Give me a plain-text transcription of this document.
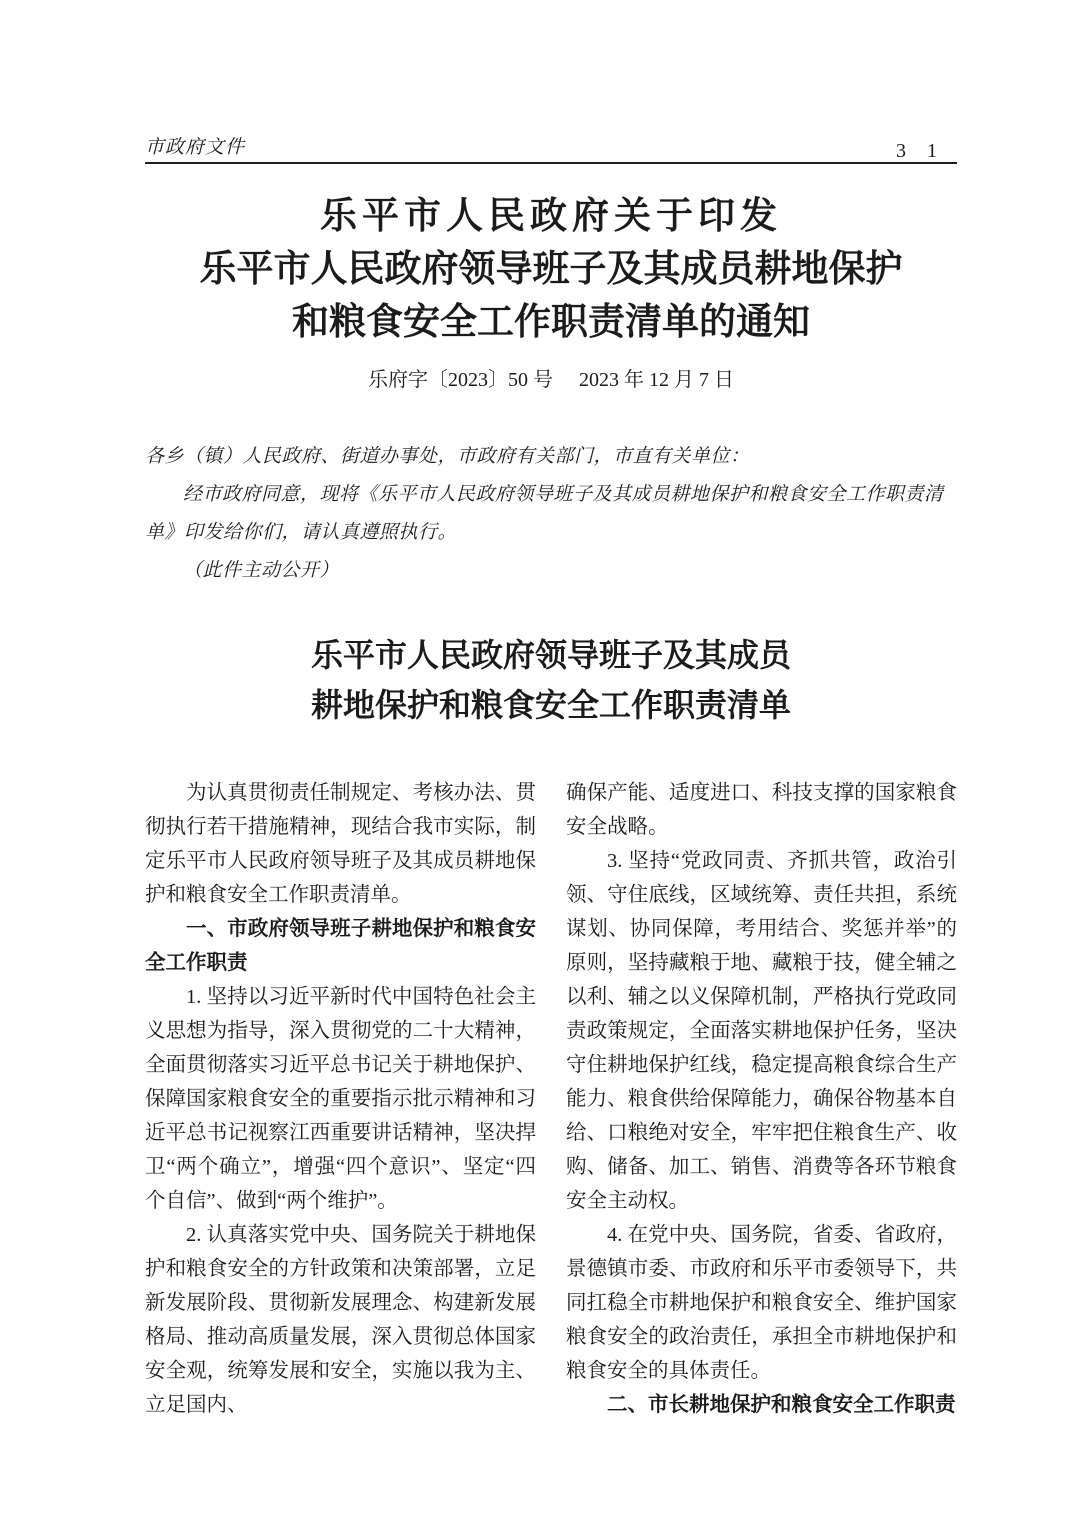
市政府文件	3 1
乐平市人民政府关于印发
乐平市人民政府领导班子及其成员耕地保护
和粮食安全工作职责清单的通知
乐府字〔2023〕50 号 2023 年 12 月 7 日

各乡（镇）人民政府、街道办事处，市政府有关部门，市直有关单位：

经市政府同意，现将《乐平市人民政府领导班子及其成员耕地保护和粮食安全工作职责清单》印发给你们，请认真遵照执行。

（此件主动公开）

乐平市人民政府领导班子及其成员
耕地保护和粮食安全工作职责清单

为认真贯彻责任制规定、考核办法、贯彻执行若干措施精神，现结合我市实际，制定乐平市人民政府领导班子及其成员耕地保护和粮食安全工作职责清单。

一、市政府领导班子耕地保护和粮食安全工作职责

1. 坚持以习近平新时代中国特色社会主义思想为指导，深入贯彻党的二十大精神，全面贯彻落实习近平总书记关于耕地保护、保障国家粮食安全的重要指示批示精神和习近平总书记视察江西重要讲话精神，坚决捍卫“两个确立”，增强“四个意识”、坚定“四个自信”、做到“两个维护”。

2. 认真落实党中央、国务院关于耕地保护和粮食安全的方针政策和决策部署，立足新发展阶段、贯彻新发展理念、构建新发展格局、推动高质量发展，深入贯彻总体国家安全观，统筹发展和安全，实施以我为主、立足国内、

确保产能、适度进口、科技支撑的国家粮食安全战略。

3. 坚持“党政同责、齐抓共管，政治引领、守住底线，区域统筹、责任共担，系统谋划、协同保障，考用结合、奖惩并举”的原则，坚持藏粮于地、藏粮于技，健全辅之以利、辅之以义保障机制，严格执行党政同责政策规定，全面落实耕地保护任务，坚决守住耕地保护红线，稳定提高粮食综合生产能力、粮食供给保障能力，确保谷物基本自给、口粮绝对安全，牢牢把住粮食生产、收购、储备、加工、销售、消费等各环节粮食安全主动权。

4. 在党中央、国务院，省委、省政府，景德镇市委、市政府和乐平市委领导下，共同扛稳全市耕地保护和粮食安全、维护国家粮食安全的政治责任，承担全市耕地保护和粮食安全的具体责任。

二、市长耕地保护和粮食安全工作职责
